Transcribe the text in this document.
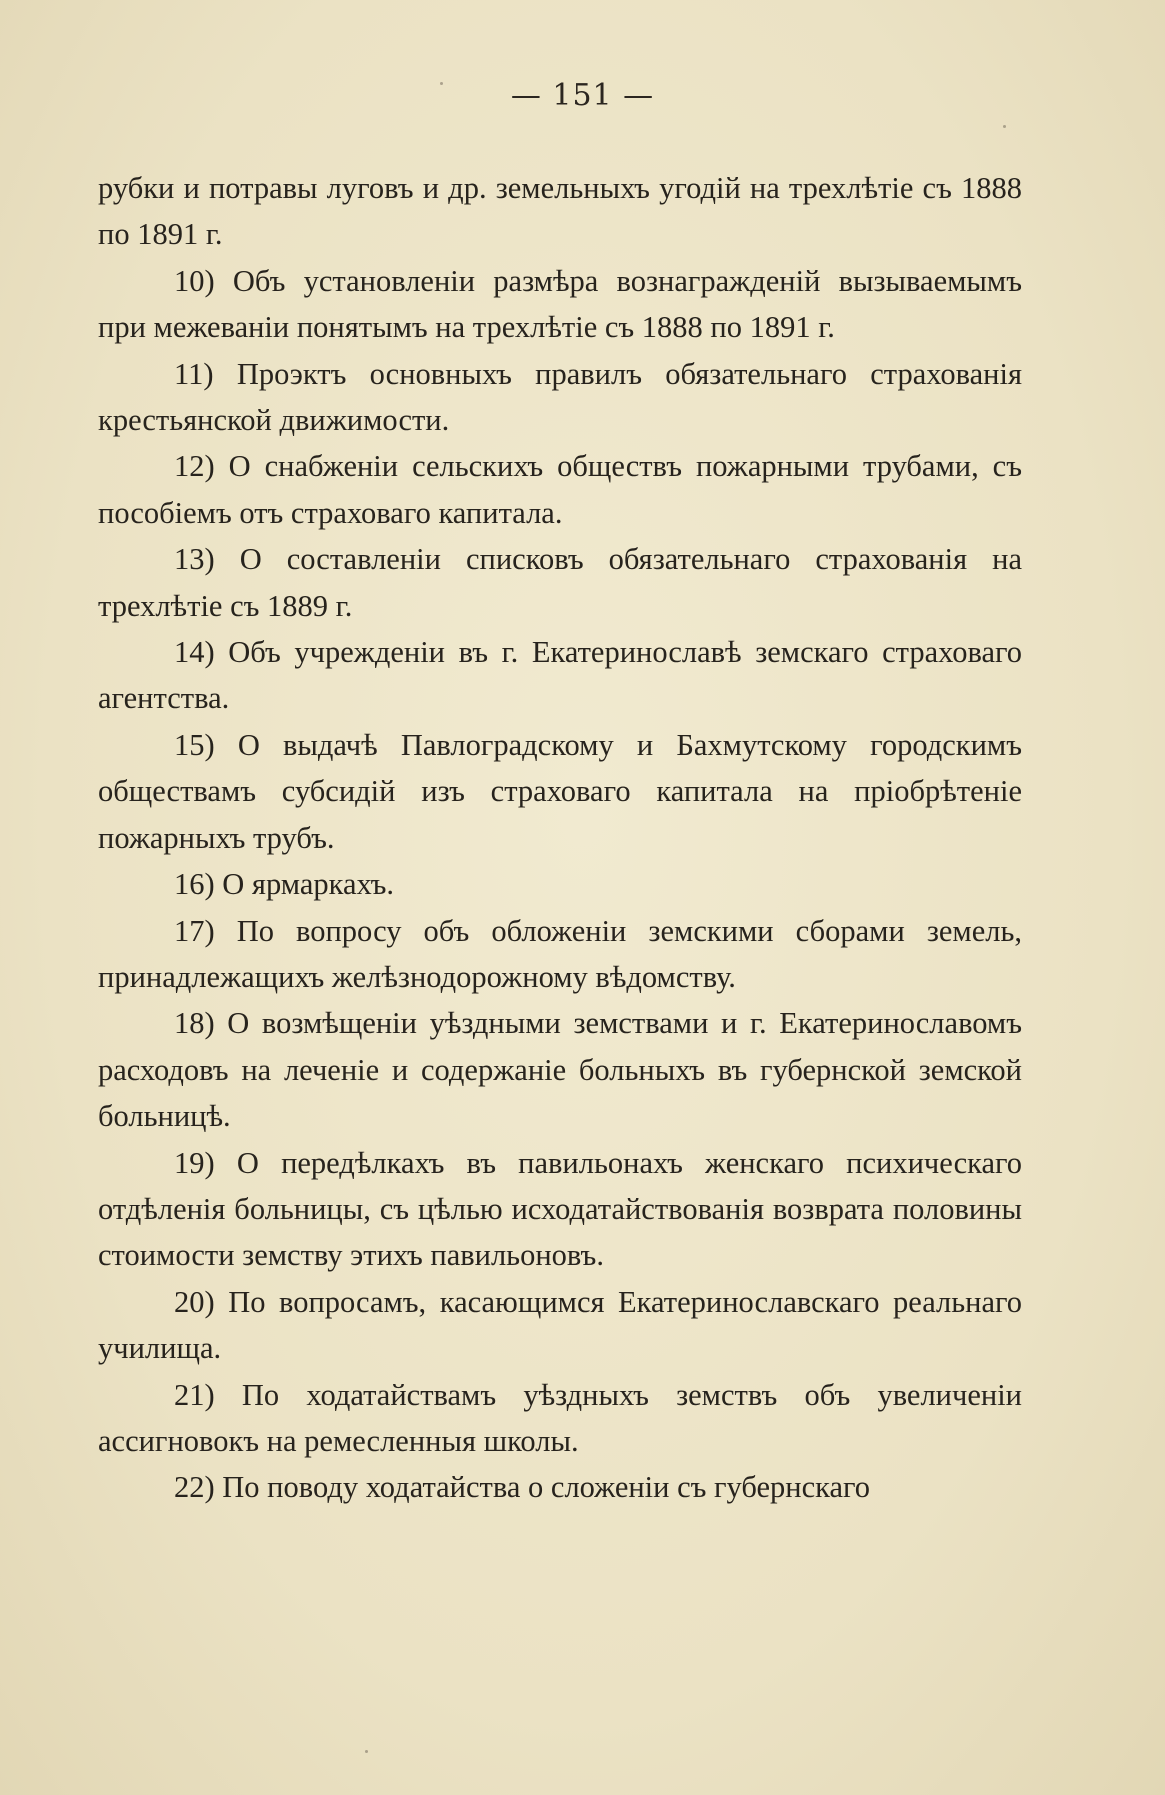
— 151 —

рубки и потравы луговъ и др. земельныхъ угодій на трехлѣтіе съ 1888 по 1891 г.

10) Объ установленіи размѣра вознагражденій вызываемымъ при межеваніи понятымъ на трехлѣтіе съ 1888 по 1891 г.

11) Проэктъ основныхъ правилъ обязательнаго страхованія крестьянской движимости.

12) О снабженіи сельскихъ обществъ пожарными трубами, съ пособіемъ отъ страховаго капитала.

13) О составленіи списковъ обязательнаго страхованія на трехлѣтіе съ 1889 г.

14) Объ учрежденіи въ г. Екатеринославѣ земскаго страховаго агентства.

15) О выдачѣ Павлоградскому и Бахмутскому городскимъ обществамъ субсидій изъ страховаго капитала на пріобрѣтеніе пожарныхъ трубъ.

16) О ярмаркахъ.

17) По вопросу объ обложеніи земскими сборами земель, принадлежащихъ желѣзнодорожному вѣдомству.

18) О возмѣщеніи уѣздными земствами и г. Екатеринославомъ расходовъ на леченіе и содержаніе больныхъ въ губернской земской больницѣ.

19) О передѣлкахъ въ павильонахъ женскаго психическаго отдѣленія больницы, съ цѣлью исходатайствованія возврата половины стоимости земству этихъ павильоновъ.

20) По вопросамъ, касающимся Екатеринославскаго реальнаго училища.

21) По ходатайствамъ уѣздныхъ земствъ объ увеличеніи ассигновокъ на ремесленныя школы.

22) По поводу ходатайства о сложеніи съ губернскаго
